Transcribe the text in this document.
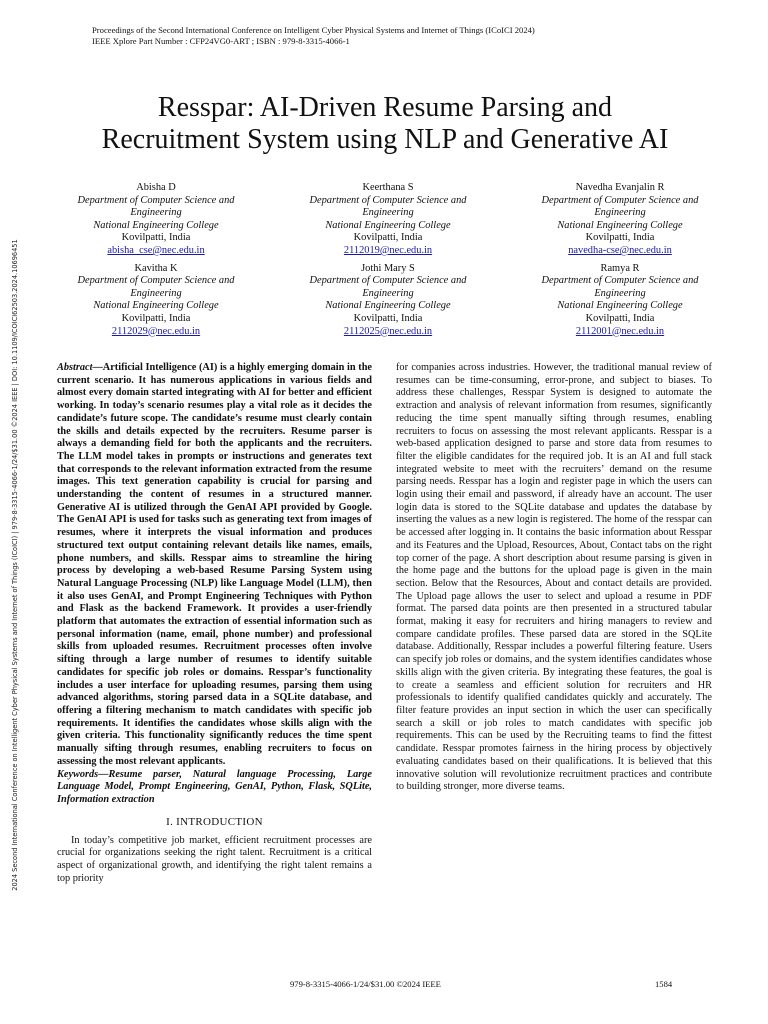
Proceedings of the Second International Conference on Intelligent Cyber Physical Systems and Internet of Things (ICoICI 2024)
IEEE Xplore Part Number : CFP24VG0-ART ; ISBN : 979-8-3315-4066-1
2024 Second International Conference on Intelligent Cyber Physical Systems and Internet of Things (ICoICI) | 979-8-3315-4066-1/24/$31.00 ©2024 IEEE | DOI: 10.1109/ICOICI62503.2024.10696451
Resspar: AI-Driven Resume Parsing and
Recruitment System using NLP and Generative AI
Abisha D
Department of Computer Science and Engineering
National Engineering College
Kovilpatti, India
abisha_cse@nec.edu.in
Keerthana S
Department of Computer Science and Engineering
National Engineering College
Kovilpatti, India
2112019@nec.edu.in
Navedha Evanjalin R
Department of Computer Science and Engineering
National Engineering College
Kovilpatti, India
navedha-cse@nec.edu.in
Kavitha K
Department of Computer Science and Engineering
National Engineering College
Kovilpatti, India
2112029@nec.edu.in
Jothi Mary S
Department of Computer Science and Engineering
National Engineering College
Kovilpatti, India
2112025@nec.edu.in
Ramya R
Department of Computer Science and Engineering
National Engineering College
Kovilpatti, India
2112001@nec.edu.in

Abstract—Artificial Intelligence (AI) is a highly emerging domain in the current scenario. It has numerous applications in various fields and almost every domain started integrating with AI for better and efficient working. In today’s scenario resumes play a vital role as it decides the candidate’s future scope. The candidate’s resume must clearly contain the skills and details expected by the recruiters. Resume parser is always a demanding field for both the applicants and the recruiters. The LLM model takes in prompts or instructions and generates text that corresponds to the relevant information extracted from the resume images. This text generation capability is crucial for parsing and understanding the content of resumes in a structured manner. Generative AI is utilized through the GenAI API provided by Google. The GenAI API is used for tasks such as generating text from images of resumes, where it interprets the visual information and produces structured text output containing relevant details like names, emails, phone numbers, and skills. Resspar aims to streamline the hiring process by developing a web-based Resume Parsing System using Natural Language Processing (NLP) like Language Model (LLM), then it also uses GenAI, and Prompt Engineering Techniques with Python and Flask as the backend Framework. It provides a user-friendly platform that automates the extraction of essential information such as personal information (name, email, phone number) and professional skills from uploaded resumes. Recruitment processes often involve sifting through a large number of resumes to identify suitable candidates for specific job roles or domains. Resspar’s functionality includes a user interface for uploading resumes, parsing them using advanced algorithms, storing parsed data in a SQLite database, and offering a filtering mechanism to match candidates with specific job requirements. It identifies the candidates whose skills align with the given criteria. This functionality significantly reduces the time spent manually sifting through resumes, enabling recruiters to focus on assessing the most relevant applicants.

Keywords—Resume parser, Natural language Processing, Large Language Model, Prompt Engineering, GenAI, Python, Flask, SQLite, Information extraction

I. INTRODUCTION

In today’s competitive job market, efficient recruitment processes are crucial for organizations seeking the right talent. Recruitment is a critical aspect of organizational growth, and identifying the right talent remains a top priority

for companies across industries. However, the traditional manual review of resumes can be time-consuming, error-prone, and subject to biases. To address these challenges, Resspar System is designed to automate the extraction and analysis of relevant information from resumes, significantly reducing the time spent manually sifting through resumes, enabling recruiters to focus on assessing the most relevant applicants. Resspar is a web-based application designed to parse and store data from resumes to filter the eligible candidates for the required job. It is an AI and full stack integrated website to meet with the recruiters’ demand on the resume parsing needs. Resspar has a login and register page in which the users can login using their email and password, if already have an account. The user login data is stored to the SQLite database and updates the database by inserting the values as a new login is registered. The home of the resspar can be accessed after logging in. It contains the basic information about Resspar and its Features and the Upload, Resources, About, Contact tabs on the right top corner of the page. A short description about resume parsing is given in the home page and the buttons for the upload page is given in the main section. Below that the Resources, About and contact details are provided. The Upload page allows the user to select and upload a resume in PDF format. The parsed data points are then presented in a structured tabular format, making it easy for recruiters and hiring managers to review and compare candidate profiles. These parsed data are stored in the SQLite database. Additionally, Resspar includes a powerful filtering feature. Users can specify job roles or domains, and the system identifies candidates whose skills align with the given criteria. By integrating these features, the goal is to create a seamless and efficient solution for recruiters and HR professionals to identify qualified candidates quickly and accurately. The filter feature provides an input section in which the user can specifically search a skill or job roles to match candidates with specific job requirements. This can be used by the Recruiting teams to find the fittest candidate. Resspar promotes fairness in the hiring process by objectively evaluating candidates based on their qualifications. It is believed that this innovative solution will revolutionize recruitment practices and contribute to building stronger, more diverse teams.

979-8-3315-4066-1/24/$31.00 ©2024 IEEE	1584
